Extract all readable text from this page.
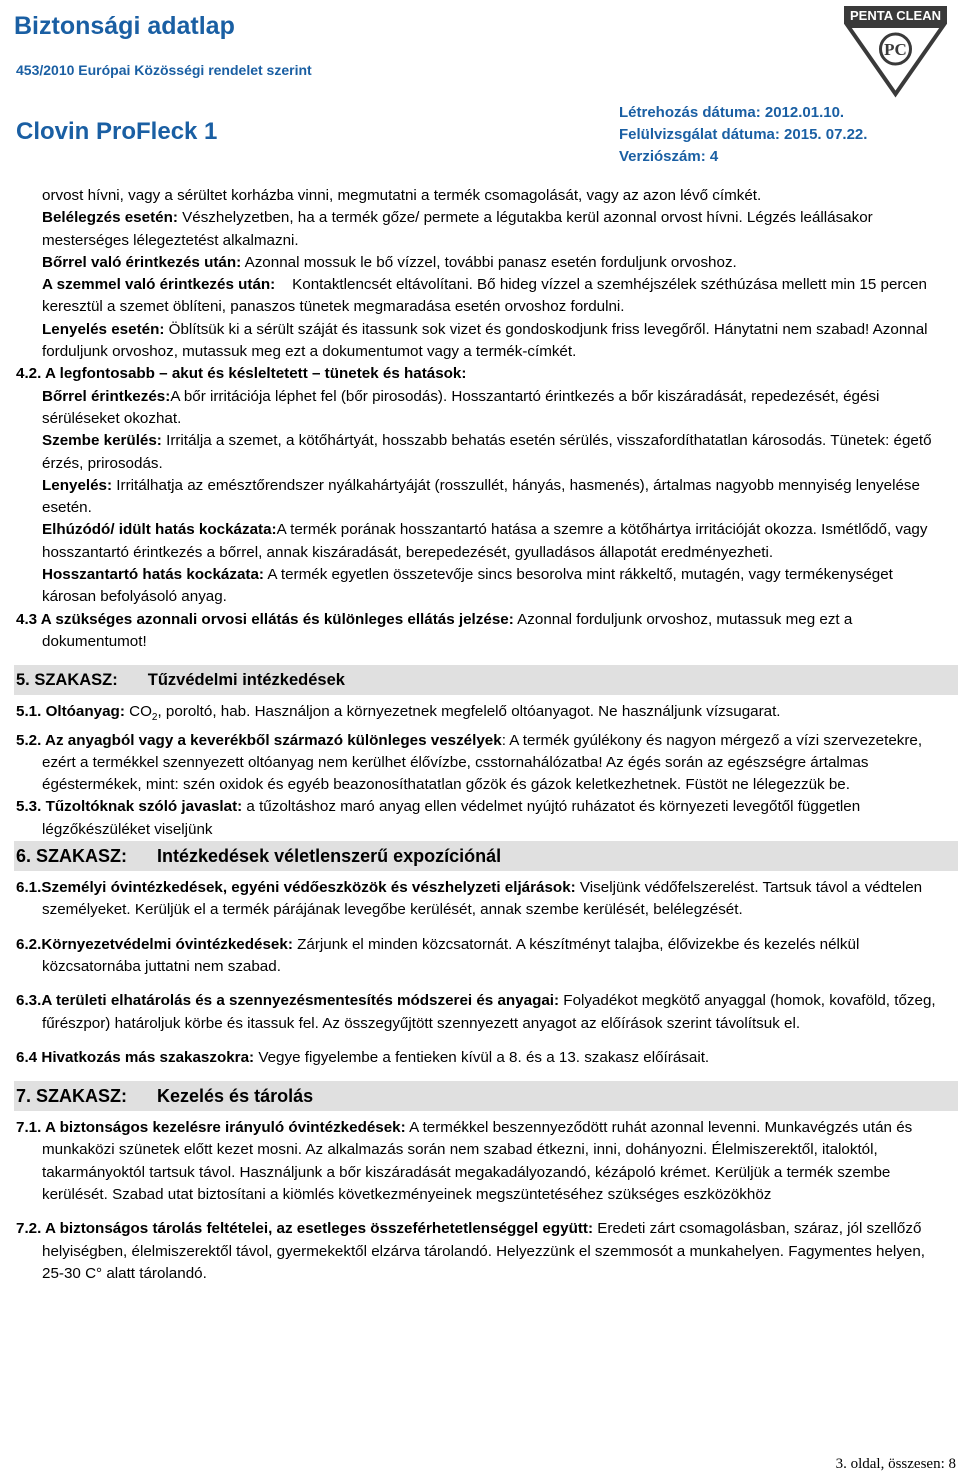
Biztonsági adatlap
453/2010 Európai Közösségi rendelet szerint
Clovin ProFleck 1
Létrehozás dátuma: 2012.01.10.
Felülvizsgálat dátuma: 2015. 07.22.
Verziószám: 4
PENTA CLEAN
PC

orvost hívni, vagy a sérültet korházba vinni, megmutatni a termék csomagolását, vagy az azon lévő címkét.

Belélegzés esetén: Vészhelyzetben, ha a termék gőze/ permete a légutakba kerül azonnal orvost hívni. Légzés leállásakor mesterséges lélegeztetést alkalmazni.

Bőrrel való érintkezés után: Azonnal mossuk le bő vízzel, további panasz esetén forduljunk orvoshoz.

A szemmel való érintkezés után:    Kontaktlencsét eltávolítani. Bő hideg vízzel a szemhéjszélek széthúzása mellett min 15 percen keresztül a szemet öblíteni, panaszos tünetek megmaradása esetén orvoshoz fordulni.

Lenyelés esetén: Öblítsük ki a sérült száját és itassunk sok vizet és gondoskodjunk friss levegőről. Hánytatni nem szabad! Azonnal forduljunk orvoshoz, mutassuk meg ezt a dokumentumot vagy a termék-címkét.

4.2. A legfontosabb – akut és késleltetett – tünetek és hatások:

Bőrrel érintkezés:A bőr irritációja léphet fel (bőr pirosodás). Hosszantartó érintkezés a bőr kiszáradását, repedezését, égési sérüléseket okozhat.

Szembe kerülés: Irritálja a szemet, a kötőhártyát, hosszabb behatás esetén sérülés, visszafordíthatatlan károsodás. Tünetek: égető érzés, prirosodás.

Lenyelés: Irritálhatja az emésztőrendszer nyálkahártyáját (rosszullét, hányás, hasmenés), ártalmas nagyobb mennyiség lenyelése esetén.

Elhúzódó/ idült hatás kockázata:A termék porának hosszantartó hatása a szemre a kötőhártya irritációját okozza. Ismétlődő, vagy hosszantartó érintkezés a bőrrel, annak kiszáradását, berepedezését, gyulladásos állapotát eredményezheti.

Hosszantartó hatás kockázata: A termék egyetlen összetevője sincs besorolva mint rákkeltő, mutagén, vagy termékenységet károsan befolyásoló anyag.

4.3 A szükséges azonnali orvosi ellátás és különleges ellátás jelzése: Azonnal forduljunk orvoshoz, mutassuk meg ezt a dokumentumot!

5. SZAKASZ: Tűzvédelmi intézkedések

5.1. Oltóanyag: $CO_2$, poroltó, hab. Használjon a környezetnek megfelelő oltóanyagot. Ne használjunk vízsugarat.

5.2. Az anyagból vagy a keverékből származó különleges veszélyek: A termék gyúlékony és nagyon mérgező a vízi szervezetekre, ezért a termékkel szennyezett oltóanyag nem kerülhet élővízbe, csstornahálózatba! Az égés során az egészségre ártalmas égéstermékek, mint: szén oxidok és egyéb beazonosíthatatlan gőzök és gázok keletkezhetnek. Füstöt ne lélegezzük be.

5.3. Tűzoltóknak szóló javaslat: a tűzoltáshoz maró anyag ellen védelmet nyújtó ruházatot és környezeti levegőtől független légzőkészüléket viseljünk

6. SZAKASZ: Intézkedések véletlenszerű expozíciónál

6.1.Személyi óvintézkedések, egyéni védőeszközök és vészhelyzeti eljárások: Viseljünk védőfelszerelést. Tartsuk távol a védtelen személyeket. Kerüljük el a termék párájának levegőbe kerülését, annak szembe kerülését, belélegzését.

6.2.Környezetvédelmi óvintézkedések: Zárjunk el minden közcsatornát. A készítményt talajba, élővizekbe és kezelés nélkül közcsatornába juttatni nem szabad.

6.3.A területi elhatárolás és a szennyezésmentesítés módszerei és anyagai: Folyadékot megkötő anyaggal (homok, kovaföld, tőzeg, fűrészpor) határoljuk körbe és itassuk fel. Az összegyűjtött szennyezett anyagot az előírások szerint távolítsuk el.

6.4 Hivatkozás más szakaszokra: Vegye figyelembe a fentieken kívül a 8. és a 13. szakasz előírásait.

7. SZAKASZ: Kezelés és tárolás

7.1. A biztonságos kezelésre irányuló óvintézkedések: A termékkel beszennyeződött ruhát azonnal levenni. Munkavégzés után és munkaközi szünetek előtt kezet mosni. Az alkalmazás során nem szabad étkezni, inni, dohányozni. Élelmiszerektől, italoktól, takarmányoktól tartsuk távol. Használjunk a bőr kiszáradását megakadályozandó, kézápoló krémet. Kerüljük a termék szembe kerülését. Szabad utat biztosítani a kiömlés következményeinek megszüntetéséhez szükséges eszközökhöz

7.2. A biztonságos tárolás feltételei, az esetleges összeférhetetlenséggel együtt: Eredeti zárt csomagolásban, száraz, jól szellőző helyiségben, élelmiszerektől távol, gyermekektől elzárva tárolandó. Helyezzünk el szemmosót a munkahelyen. Fagymentes helyen, 25-30 C° alatt tárolandó.

3. oldal, összesen: 8
